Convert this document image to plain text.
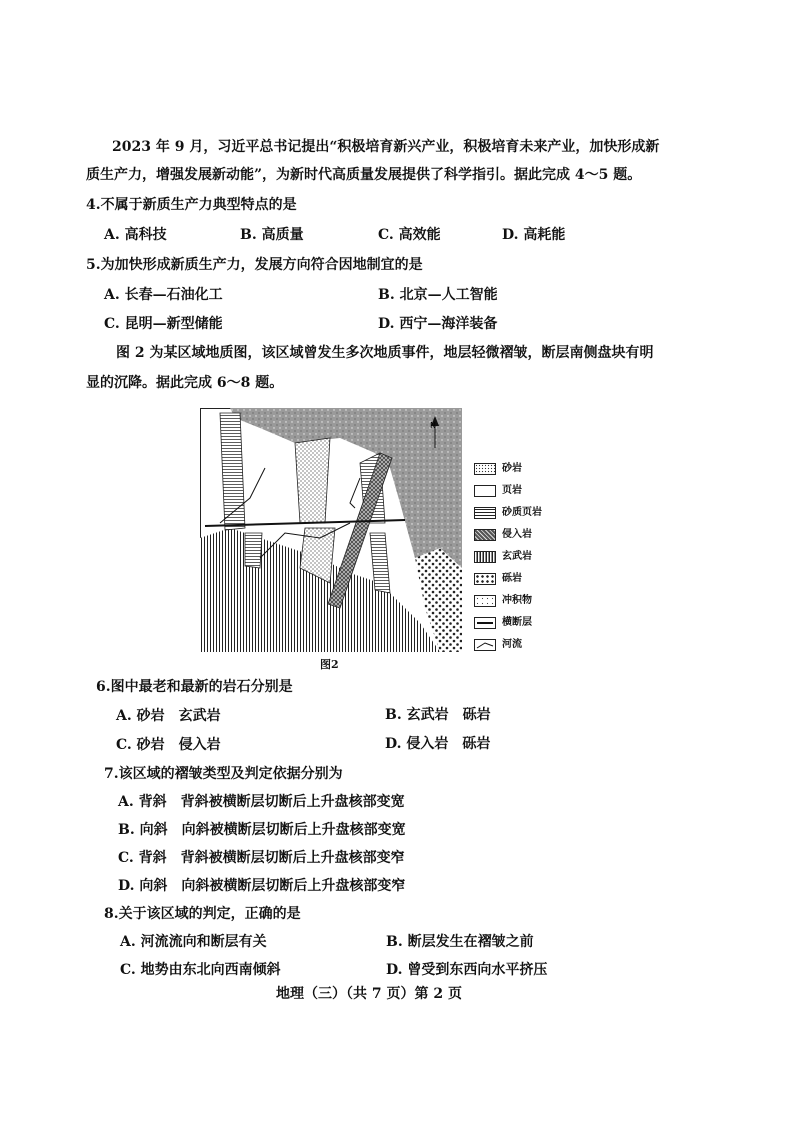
2023 年 9 月，习近平总书记提出“积极培育新兴产业，积极培育未来产业，加快形成新
质生产力，增强发展新动能”，为新时代高质量发展提供了科学指引。据此完成 4～5 题。
4.不属于新质生产力典型特点的是
A. 高科技	B. 高质量	C. 高效能	D. 高耗能
5.为加快形成新质生产力，发展方向符合因地制宜的是
A. 长春—石油化工	B. 北京—人工智能
C. 昆明—新型储能	D. 西宁—海洋装备
图 2 为某区域地质图，该区域曾发生多次地质事件，地层轻微褶皱，断层南侧盘块有明
显的沉降。据此完成 6～8 题。
N
砂岩
页岩
砂质页岩
侵入岩
玄武岩
砾岩
冲积物
横断层
河流
图2
6.图中最老和最新的岩石分别是
A. 砂岩　玄武岩	B. 玄武岩　砾岩
C. 砂岩　侵入岩	D. 侵入岩　砾岩
7.该区域的褶皱类型及判定依据分别为
A. 背斜　背斜被横断层切断后上升盘核部变宽
B. 向斜　向斜被横断层切断后上升盘核部变宽
C. 背斜　背斜被横断层切断后上升盘核部变窄
D. 向斜　向斜被横断层切断后上升盘核部变窄
8.关于该区域的判定，正确的是
A. 河流流向和断层有关	B. 断层发生在褶皱之前
C. 地势由东北向西南倾斜	D. 曾受到东西向水平挤压
地理（三）（共 7 页）第 2 页
